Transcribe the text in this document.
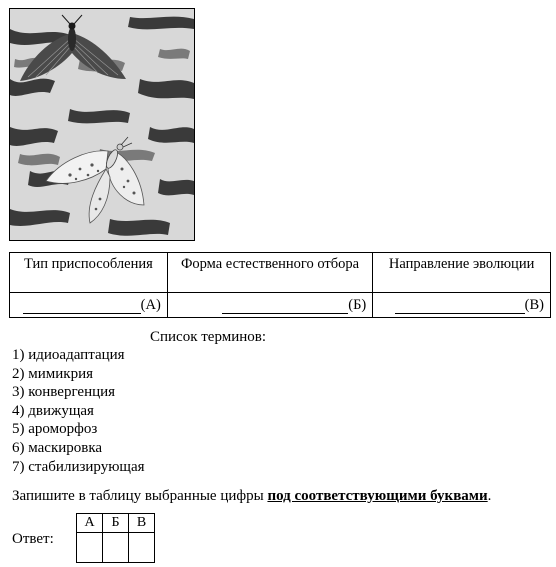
Тип приспособления	Форма естественного отбора	Направление эволюции
(А)	(Б)	(В)
Список терминов:
1) идиоадаптация
2) мимикрия
3) конвергенция
4) движущая
5) ароморфоз
6) маскировка
7) стабилизирующая
Запишите в таблицу выбранные цифры под соответствующими буквами.
Ответ:
А	Б	В
